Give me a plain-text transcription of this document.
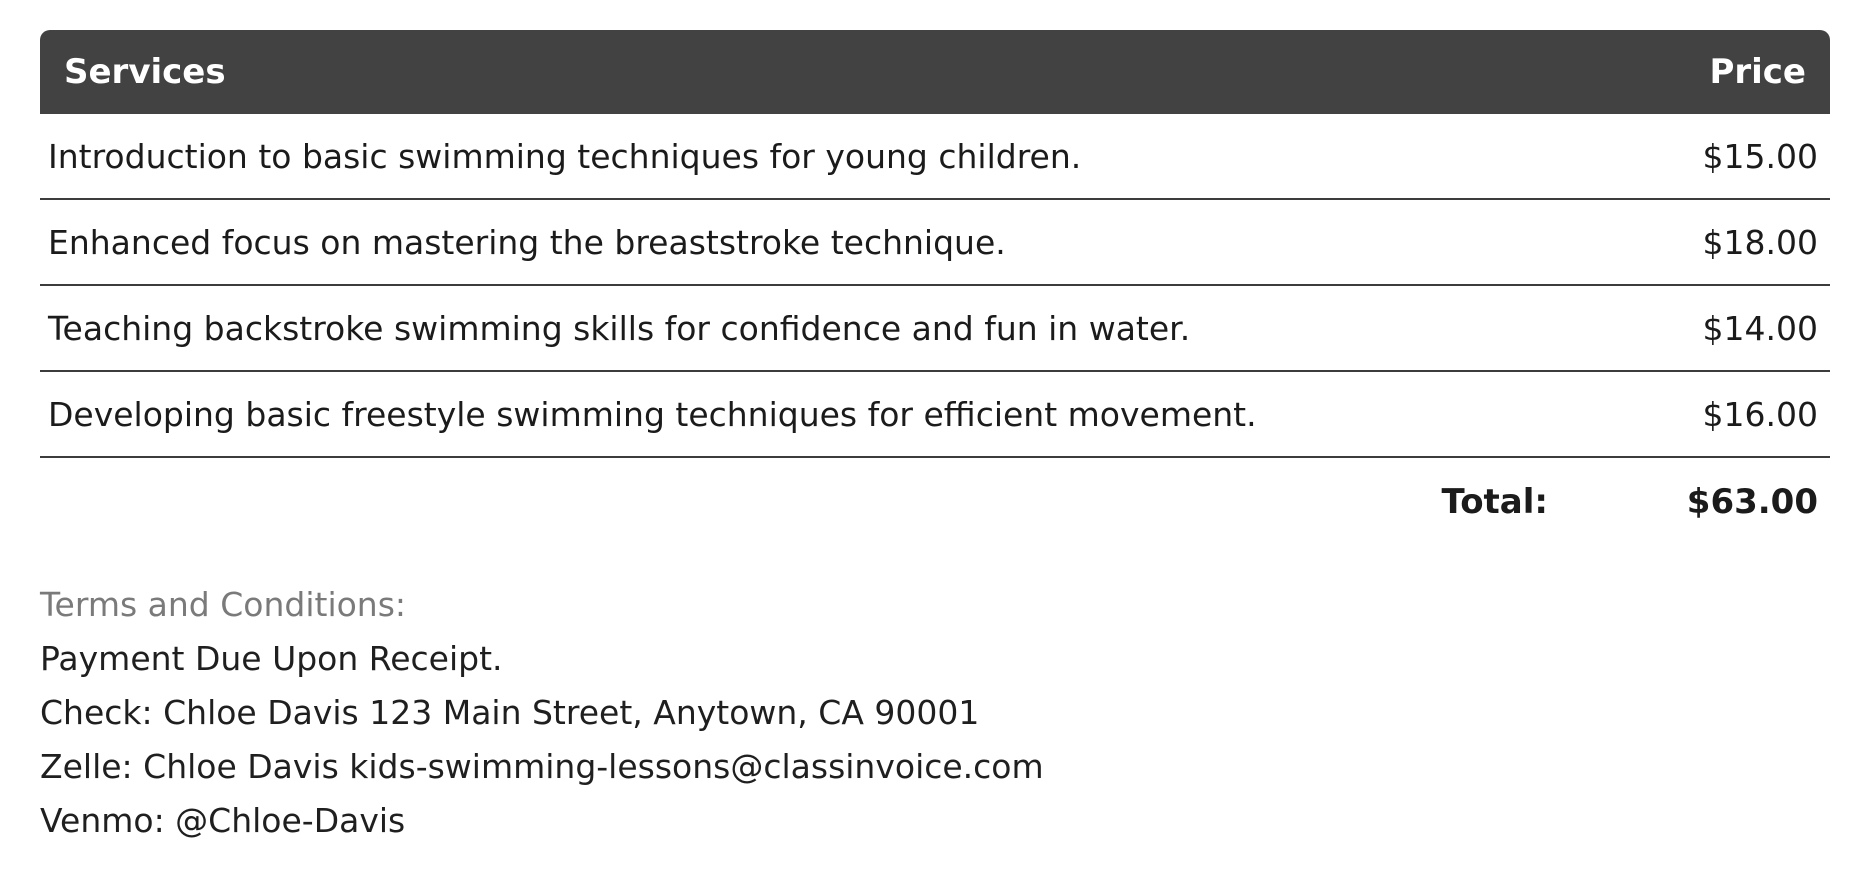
Services	Price
Introduction to basic swimming techniques for young children.	$15.00
Enhanced focus on mastering the breaststroke technique.	$18.00
Teaching backstroke swimming skills for confidence and fun in water.	$14.00
Developing basic freestyle swimming techniques for efficient movement.	$16.00
Total:	$63.00
Terms and Conditions:
Payment Due Upon Receipt.
Check: Chloe Davis 123 Main Street, Anytown, CA 90001
Zelle: Chloe Davis kids-swimming-lessons@classinvoice.com
Venmo: @Chloe-Davis
